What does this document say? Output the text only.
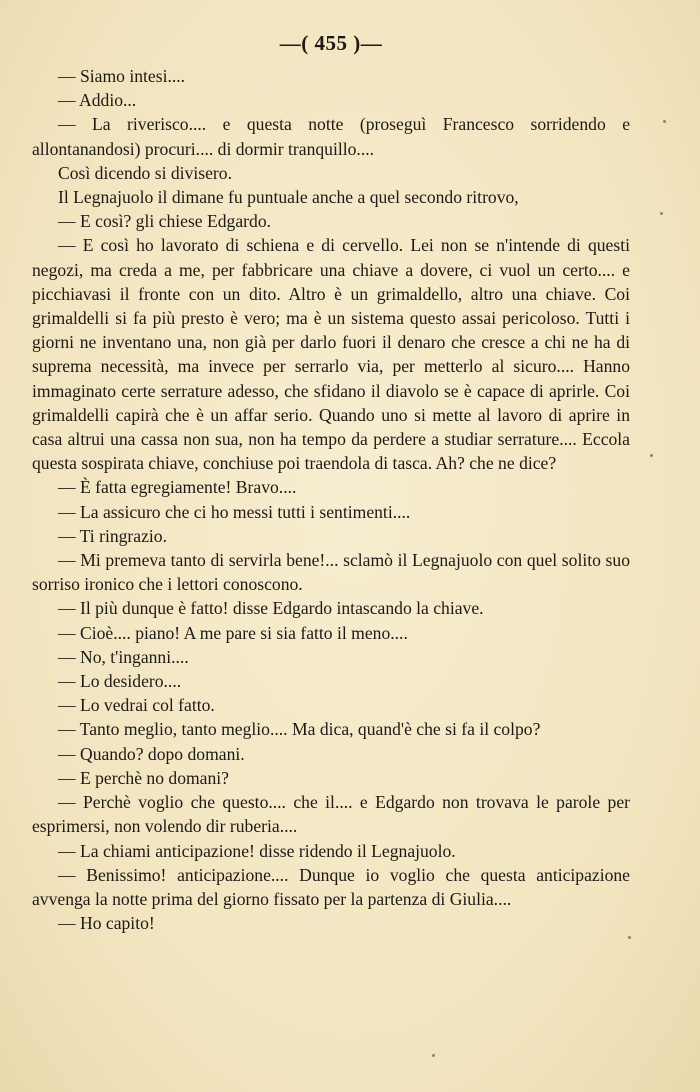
—( 455 )—

— Siamo intesi....

— Addio...

— La riverisco.... e questa notte (proseguì Francesco sorridendo e allontanandosi) procuri.... di dormir tranquillo....

Così dicendo si divisero.

Il Legnajuolo il dimane fu puntuale anche a quel secondo ritrovo,

— E così? gli chiese Edgardo.

— E così ho lavorato di schiena e di cervello. Lei non se n'intende di questi negozi, ma creda a me, per fabbricare una chiave a dovere, ci vuol un certo.... e picchiavasi il fronte con un dito. Altro è un grimaldello, altro una chiave. Coi grimaldelli si fa più presto è vero; ma è un sistema questo assai pericoloso. Tutti i giorni ne inventano una, non già per darlo fuori il denaro che cresce a chi ne ha di suprema necessità, ma invece per serrarlo via, per metterlo al sicuro.... Hanno immaginato certe serrature adesso, che sfidano il diavolo se è capace di aprirle. Coi grimaldelli capirà che è un affar serio. Quando uno si mette al lavoro di aprire in casa altrui una cassa non sua, non ha tempo da perdere a studiar serrature.... Eccola questa sospirata chiave, conchiuse poi traendola di tasca. Ah? che ne dice?

— È fatta egregiamente! Bravo....

— La assicuro che ci ho messi tutti i sentimenti....

— Ti ringrazio.

— Mi premeva tanto di servirla bene!... sclamò il Legnajuolo con quel solito suo sorriso ironico che i lettori conoscono.

— Il più dunque è fatto! disse Edgardo intascando la chiave.

— Cioè.... piano! A me pare si sia fatto il meno....

— No, t'inganni....

— Lo desidero....

— Lo vedrai col fatto.

— Tanto meglio, tanto meglio.... Ma dica, quand'è che si fa il colpo?

— Quando? dopo domani.

— E perchè no domani?

— Perchè voglio che questo.... che il.... e Edgardo non trovava le parole per esprimersi, non volendo dir ruberia....

— La chiami anticipazione! disse ridendo il Legnajuolo.

— Benissimo! anticipazione.... Dunque io voglio che questa anticipazione avvenga la notte prima del giorno fissato per la partenza di Giulia....

— Ho capito!
